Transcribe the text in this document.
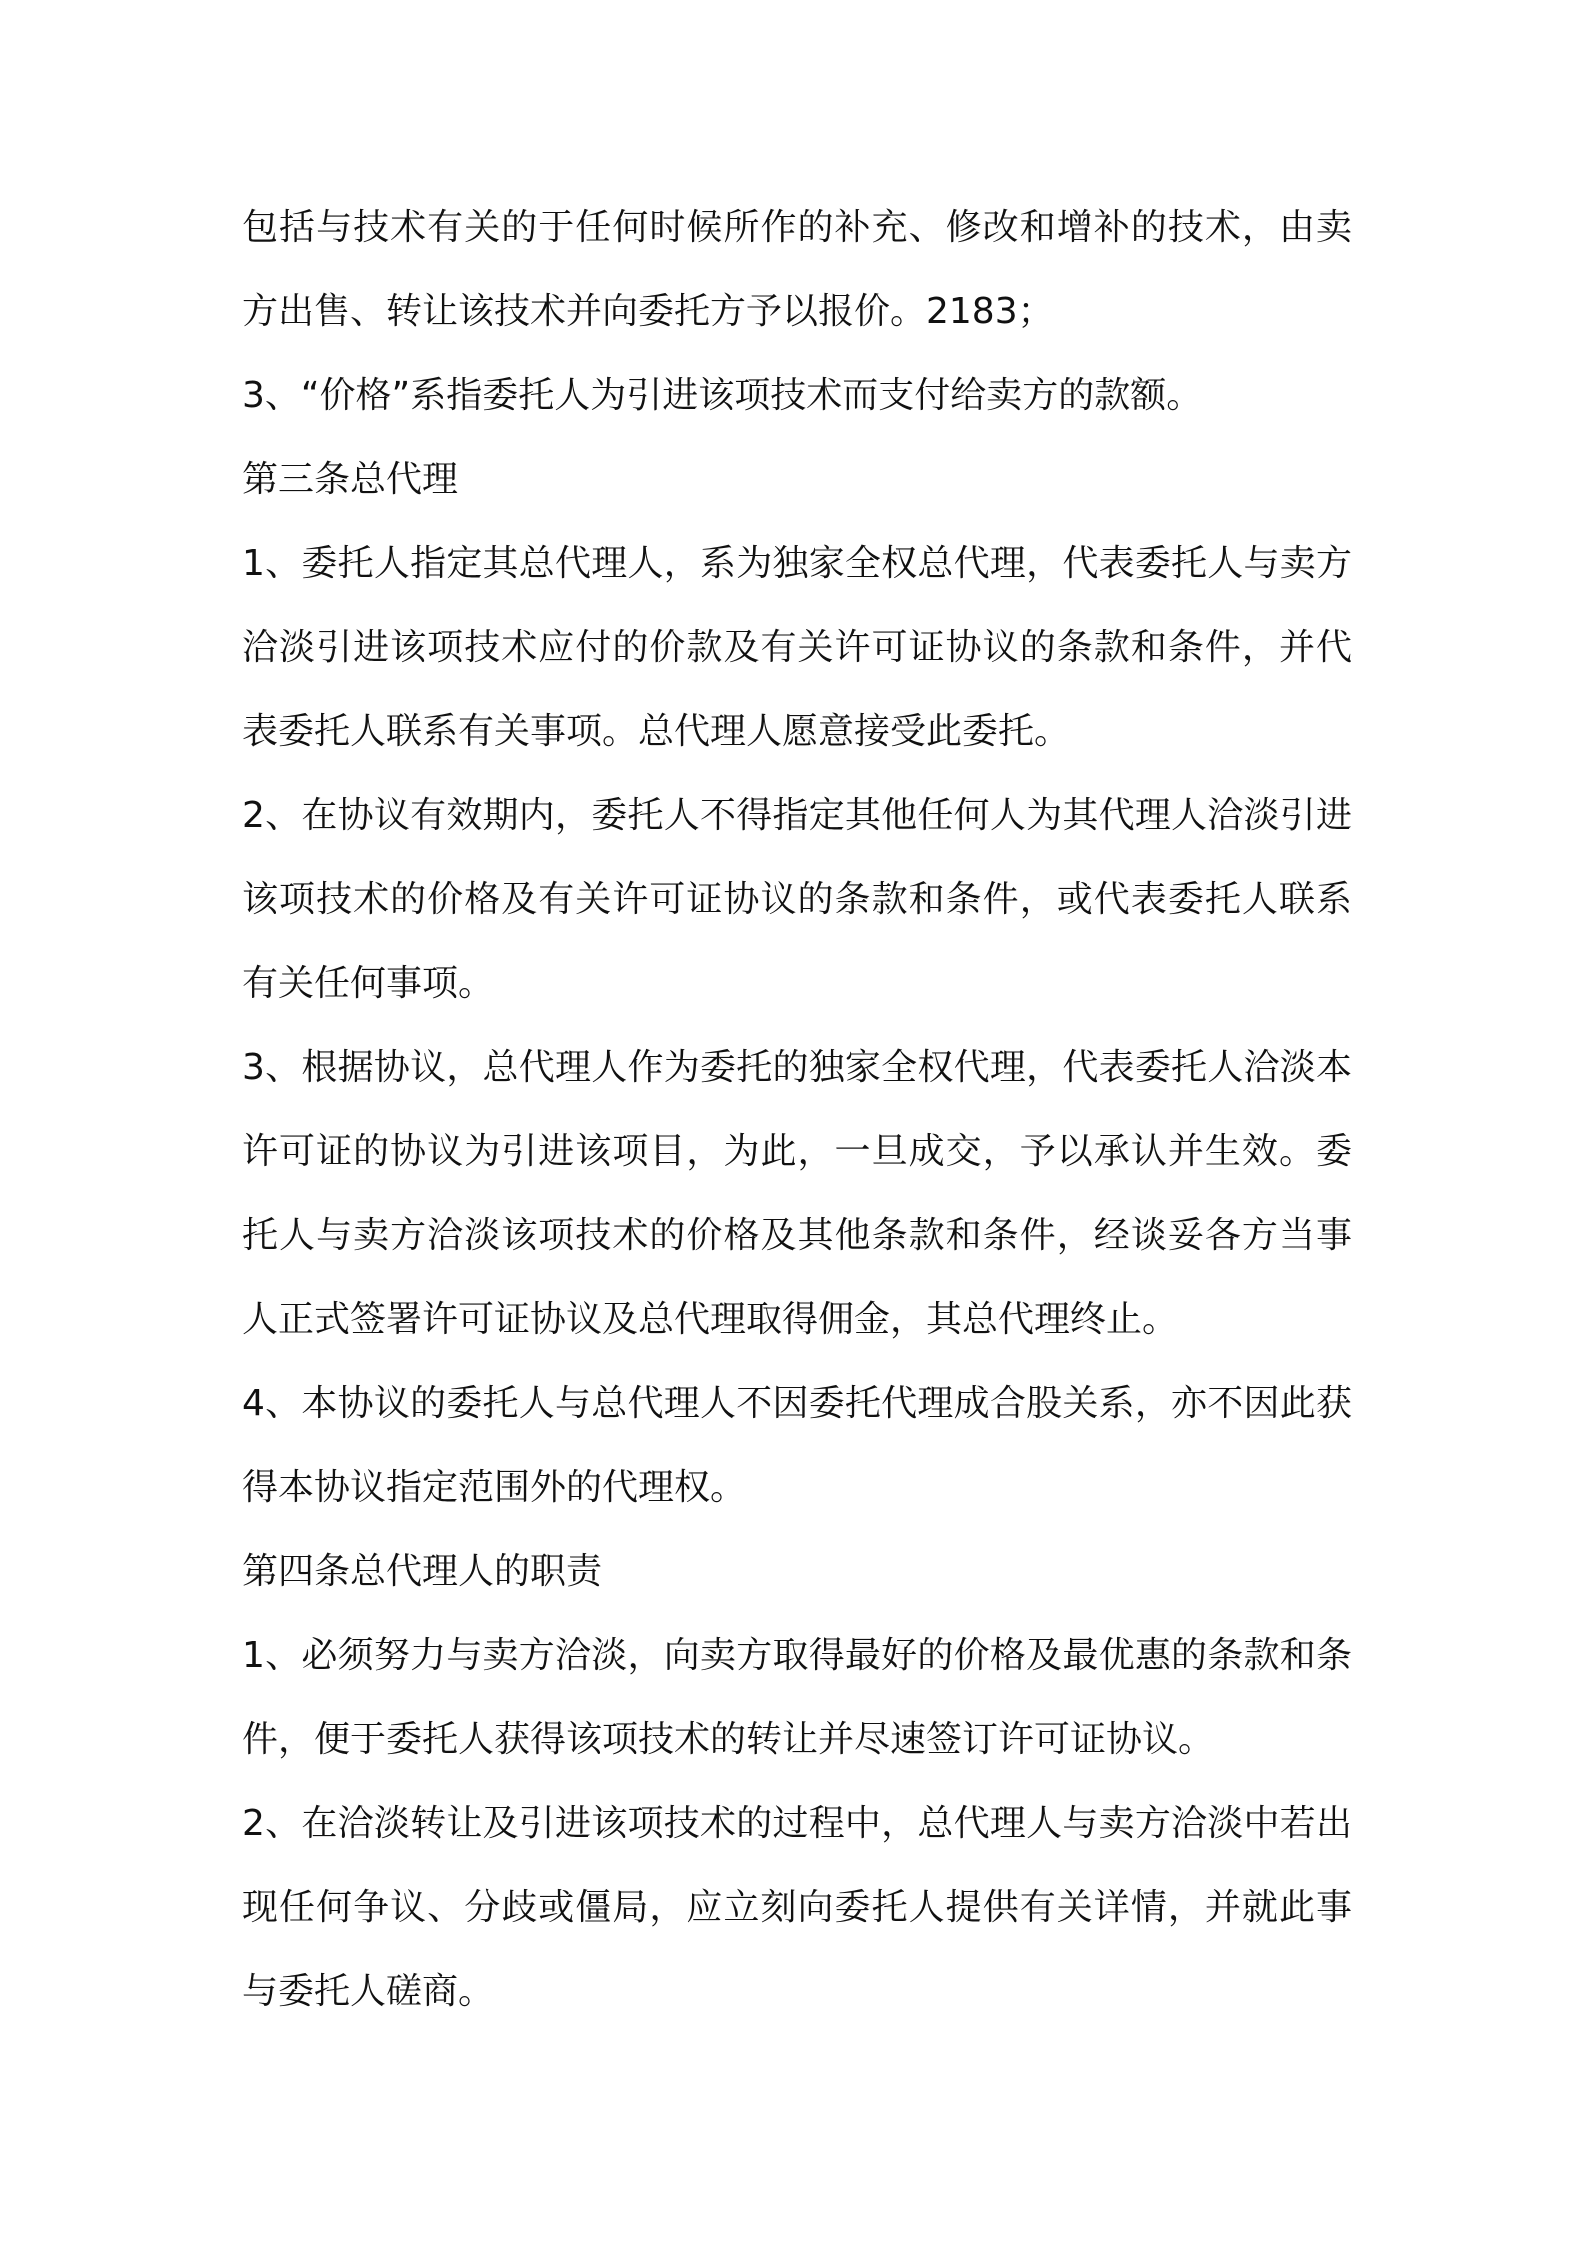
包括与技术有关的于任何时候所作的补充、修改和增补的技术，由卖方出售、转让该技术并向委托方予以报价。2183；

3、“价格”系指委托人为引进该项技术而支付给卖方的款额。

第三条总代理

1、委托人指定其总代理人，系为独家全权总代理，代表委托人与卖方洽淡引进该项技术应付的价款及有关许可证协议的条款和条件，并代表委托人联系有关事项。总代理人愿意接受此委托。

2、在协议有效期内，委托人不得指定其他任何人为其代理人洽淡引进该项技术的价格及有关许可证协议的条款和条件，或代表委托人联系有关任何事项。

3、根据协议，总代理人作为委托的独家全权代理，代表委托人洽淡本许可证的协议为引进该项目，为此，一旦成交，予以承认并生效。委托人与卖方洽淡该项技术的价格及其他条款和条件，经谈妥各方当事人正式签署许可证协议及总代理取得佣金，其总代理终止。

4、本协议的委托人与总代理人不因委托代理成合股关系，亦不因此获得本协议指定范围外的代理权。

第四条总代理人的职责

1、必须努力与卖方洽淡，向卖方取得最好的价格及最优惠的条款和条件，便于委托人获得该项技术的转让并尽速签订许可证协议。

2、在洽淡转让及引进该项技术的过程中，总代理人与卖方洽淡中若出现任何争议、分歧或僵局，应立刻向委托人提供有关详情，并就此事与委托人磋商。
